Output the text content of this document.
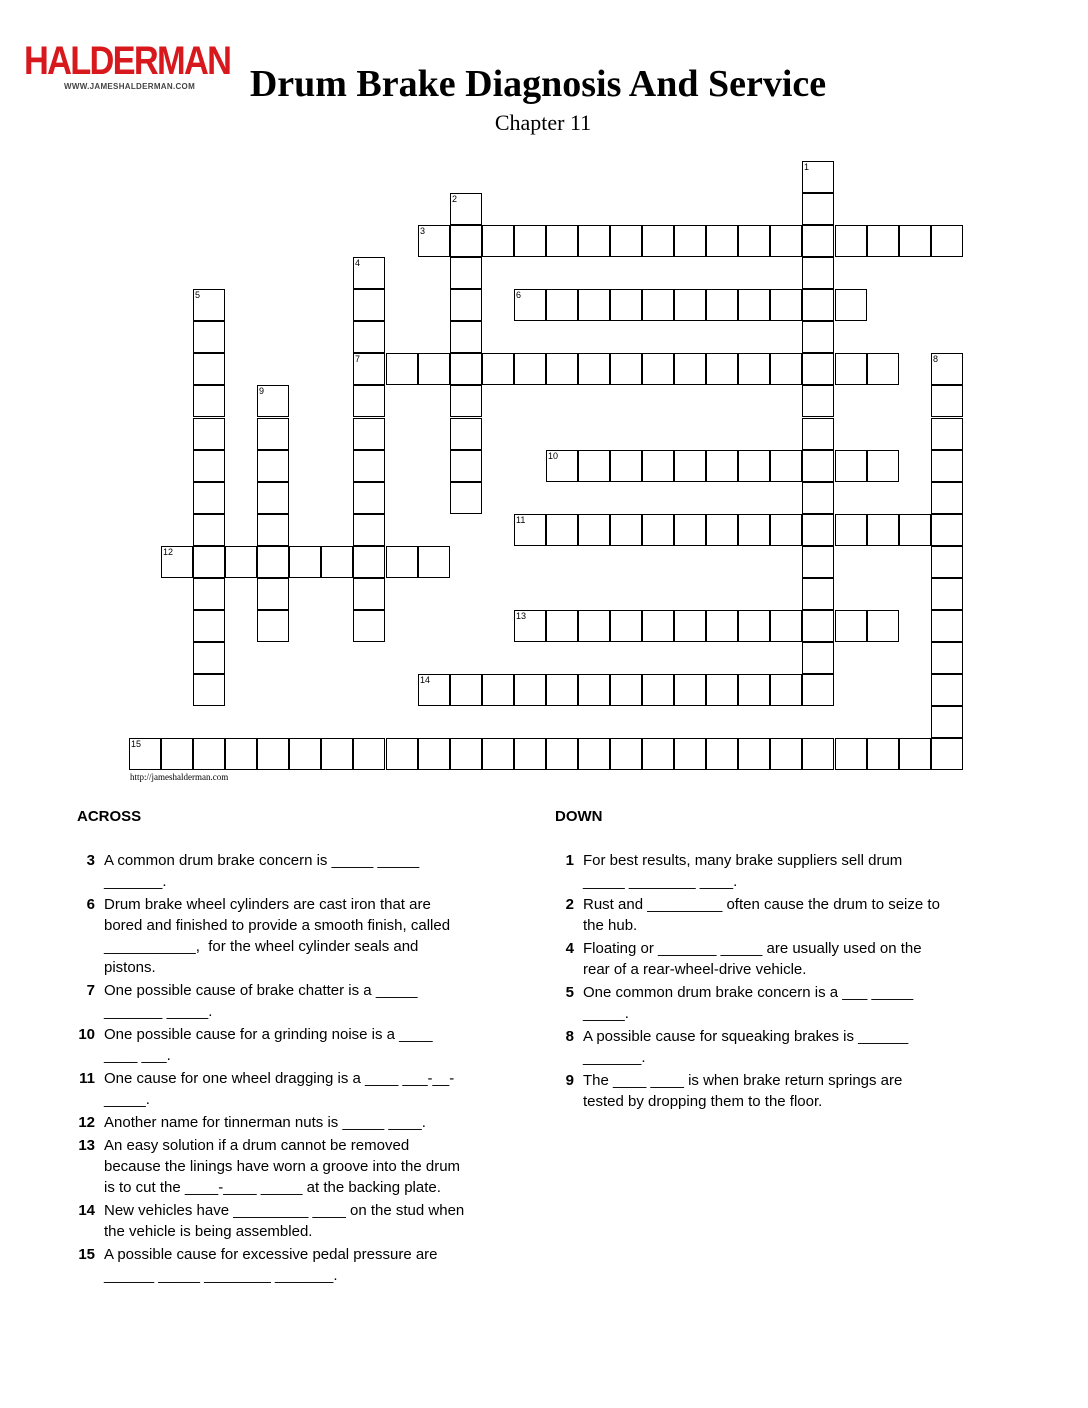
HALDERMAN
WWW.JAMESHALDERMAN.COM	Drum Brake Diagnosis And Service
Chapter 11
1
2
3
4
7
5	6
8
9
10
11
12
13
14
15
http://jameshalderman.com
ACROSS	DOWN
3 A common drum brake concern is _____ _____
_______.
6 Drum brake wheel cylinders are cast iron that are
bored and finished to provide a smooth finish, called
___________,  for the wheel cylinder seals and
pistons.
7 One possible cause of brake chatter is a _____
_______ _____.
10 One possible cause for a grinding noise is a ____
____ ___.
11 One cause for one wheel dragging is a ____ ___-__-
_____.
12 Another name for tinnerman nuts is _____ ____.
13 An easy solution if a drum cannot be removed
because the linings have worn a groove into the drum
is to cut the ____-____ _____ at the backing plate.
14 New vehicles have _________ ____ on the stud when
the vehicle is being assembled.
15 A possible cause for excessive pedal pressure are
______ _____ ________ _______.
1 For best results, many brake suppliers sell drum
_____ ________ ____.
2 Rust and _________ often cause the drum to seize to
the hub.
4 Floating or _______ _____ are usually used on the
rear of a rear-wheel-drive vehicle.
5 One common drum brake concern is a ___ _____
_____.
8 A possible cause for squeaking brakes is ______
_______.
9 The ____ ____ is when brake return springs are
tested by dropping them to the floor.
